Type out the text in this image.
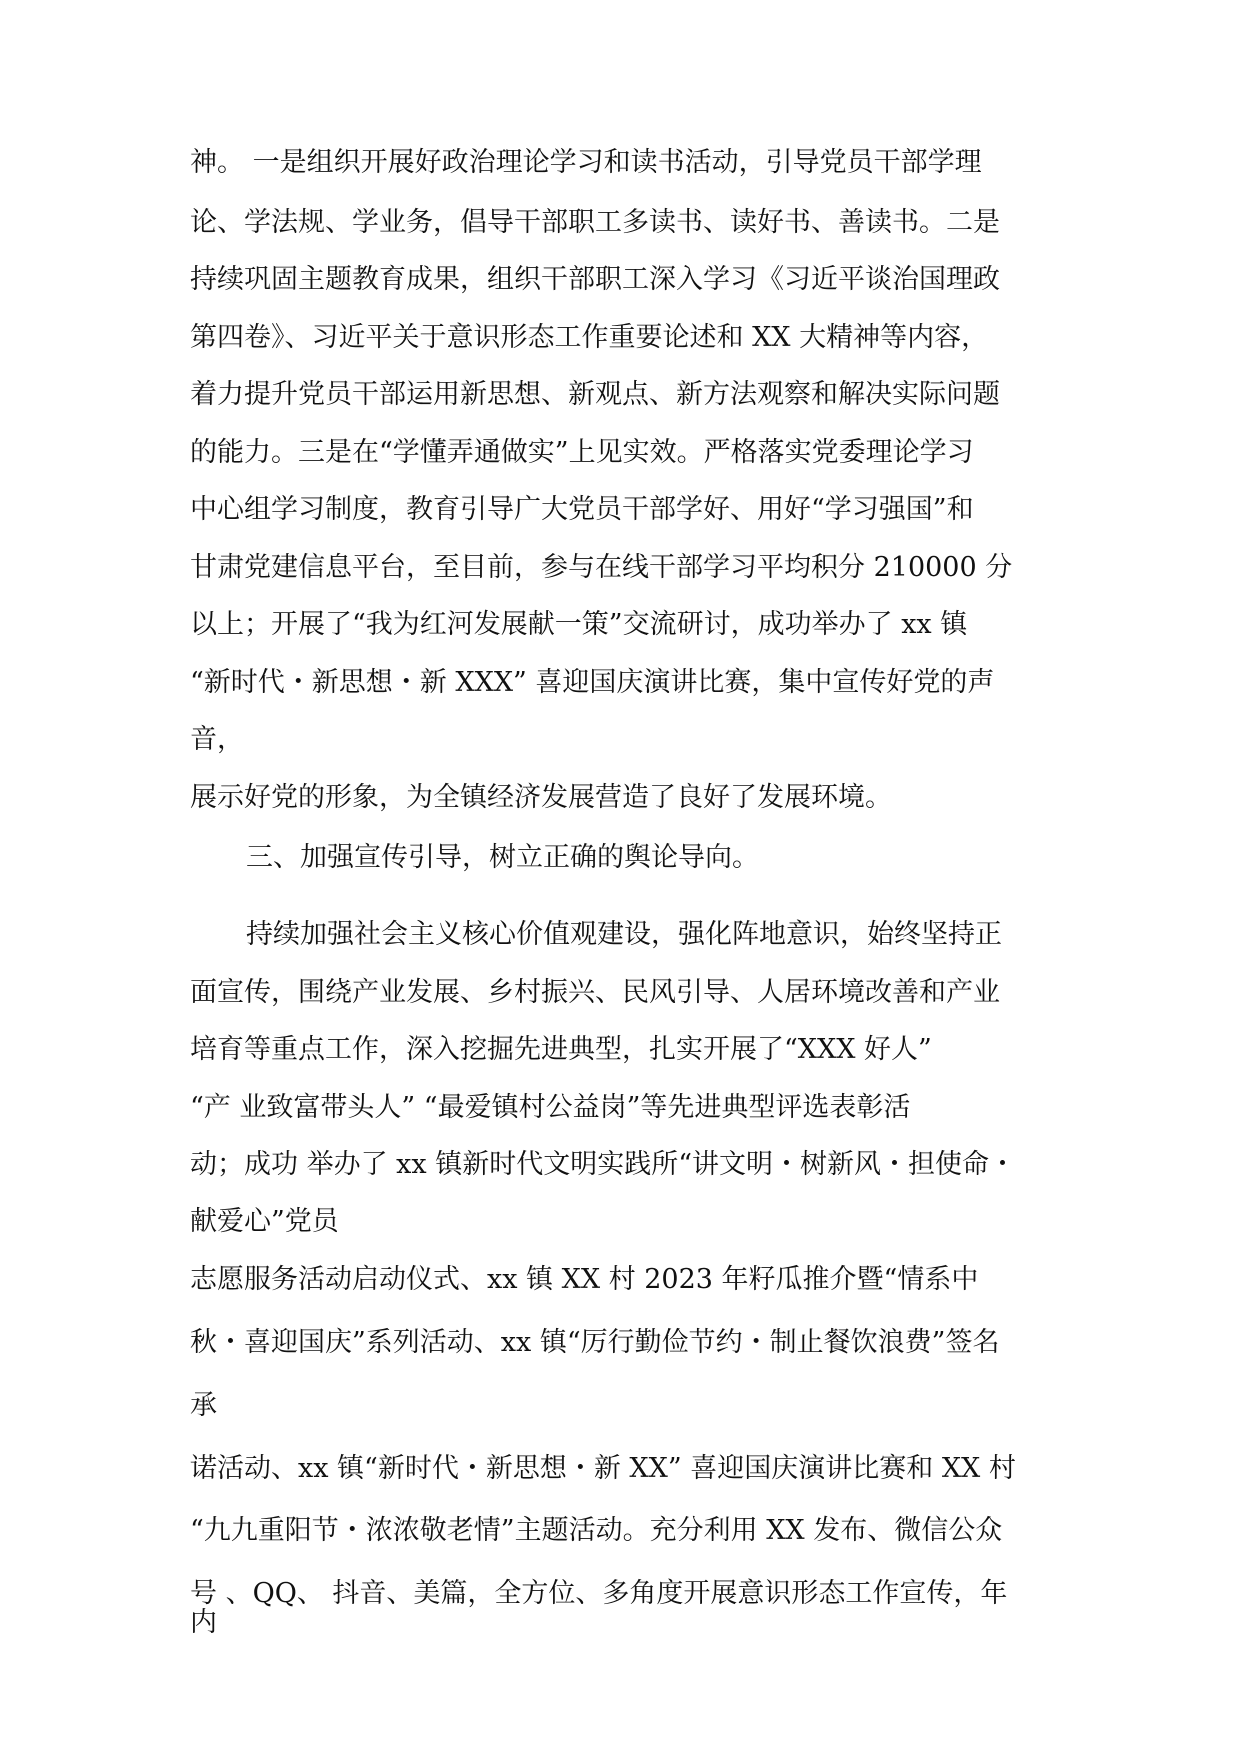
神。 一是组织开展好政治理论学习和读书活动，引导党员干部学理
论、学法规、学业务，倡导干部职工多读书、读好书、善读书。二是
持续巩固主题教育成果，组织干部职工深入学习《习近平谈治国理政
第四卷》、习近平关于意识形态工作重要论述和 XX 大精神等内容，
着力提升党员干部运用新思想、新观点、新方法观察和解决实际问题
的能力。三是在“学懂弄通做实”上见实效。严格落实党委理论学习
中心组学习制度，教育引导广大党员干部学好、用好“学习强国”和
甘肃党建信息平台，至目前，参与在线干部学习平均积分 210000 分
以上；开展了“我为红河发展献一策”交流研讨，成功举办了 xx 镇
“新时代・新思想・新 XXX” 喜迎国庆演讲比赛，集中宣传好党的声
音，
展示好党的形象，为全镇经济发展营造了良好了发展环境。
三、加强宣传引导，树立正确的舆论导向。
持续加强社会主义核心价值观建设，强化阵地意识，始终坚持正
面宣传，围绕产业发展、乡村振兴、民风引导、人居环境改善和产业
培育等重点工作，深入挖掘先进典型，扎实开展了“XXX 好人”
“产 业致富带头人” “最爱镇村公益岗”等先进典型评选表彰活
动；成功 举办了 xx 镇新时代文明实践所“讲文明・树新风・担使命・
献爱心”党员
志愿服务活动启动仪式、xx 镇 XX 村 2023 年籽瓜推介暨“情系中
秋・喜迎国庆”系列活动、xx 镇“厉行勤俭节约・制止餐饮浪费”签名
承
诺活动、xx 镇“新时代・新思想・新 XX” 喜迎国庆演讲比赛和 XX 村
“九九重阳节・浓浓敬老情”主题活动。充分利用 XX 发布、微信公众
号 、QQ、 抖音、美篇，全方位、多角度开展意识形态工作宣传，年
内
